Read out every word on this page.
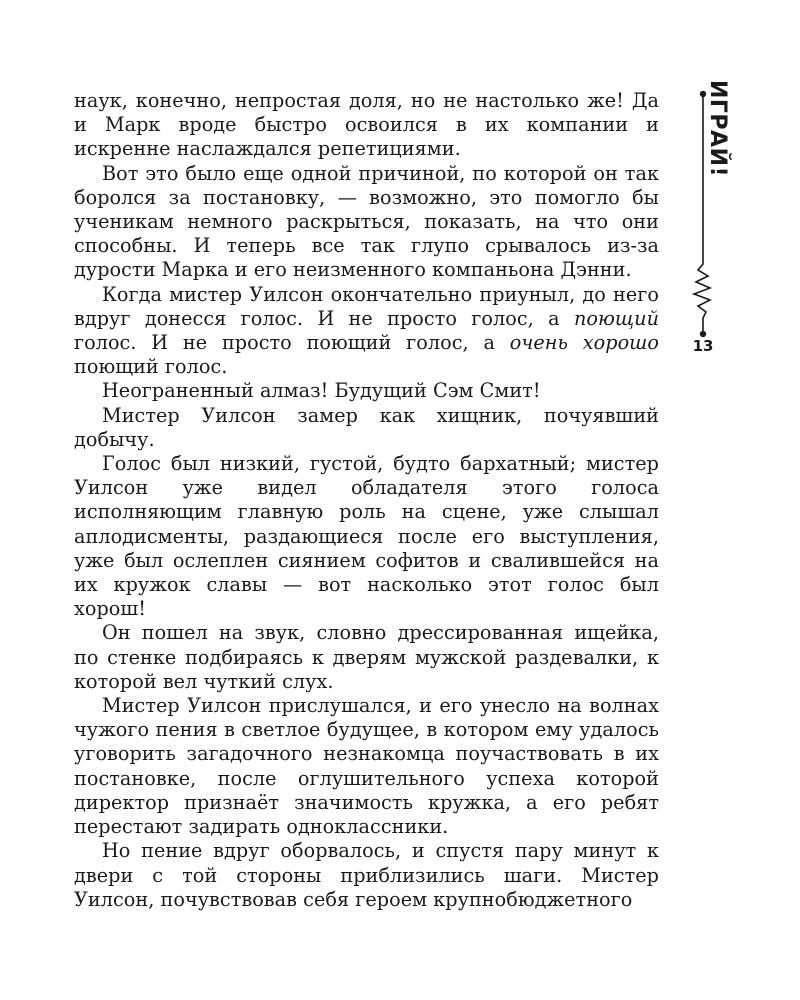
наук, конечно, непростая доля, но не настолько же! Да и Марк вроде быстро освоился в их компании и искренне наслаждался репетициями.

Вот это было еще одной причиной, по которой он так боролся за постановку, — возможно, это помогло бы ученикам немного раскрыться, показать, на что они способны. И теперь все так глупо срывалось из-за дурости Марка и его неизменного компаньона Дэнни.

Когда мистер Уилсон окончательно приуныл, до него вдруг донесся голос. И не просто голос, а поющий голос. И не просто поющий голос, а очень хорошо поющий голос.

Неограненный алмаз! Будущий Сэм Смит!

Мистер Уилсон замер как хищник, почуявший добычу.

Голос был низкий, густой, будто бархатный; мистер Уилсон уже видел обладателя этого голоса исполняющим главную роль на сцене, уже слышал аплодисменты, раздающиеся после его выступления, уже был ослеплен сиянием софитов и свалившейся на их кружок славы — вот насколько этот голос был хорош!

Он пошел на звук, словно дрессированная ищейка, по стенке подбираясь к дверям мужской раздевалки, к которой вел чуткий слух.

Мистер Уилсон прислушался, и его унесло на волнах чужого пения в светлое будущее, в котором ему удалось уговорить загадочного незнакомца поучаствовать в их постановке, после оглушительного успеха которой директор признаёт значимость кружка, а его ребят перестают задирать одноклассники.

Но пение вдруг оборвалось, и спустя пару минут к двери с той стороны приблизились шаги. Мистер Уилсон, почувствовав себя героем крупнобюджетного

ИГРАЙ!
13
